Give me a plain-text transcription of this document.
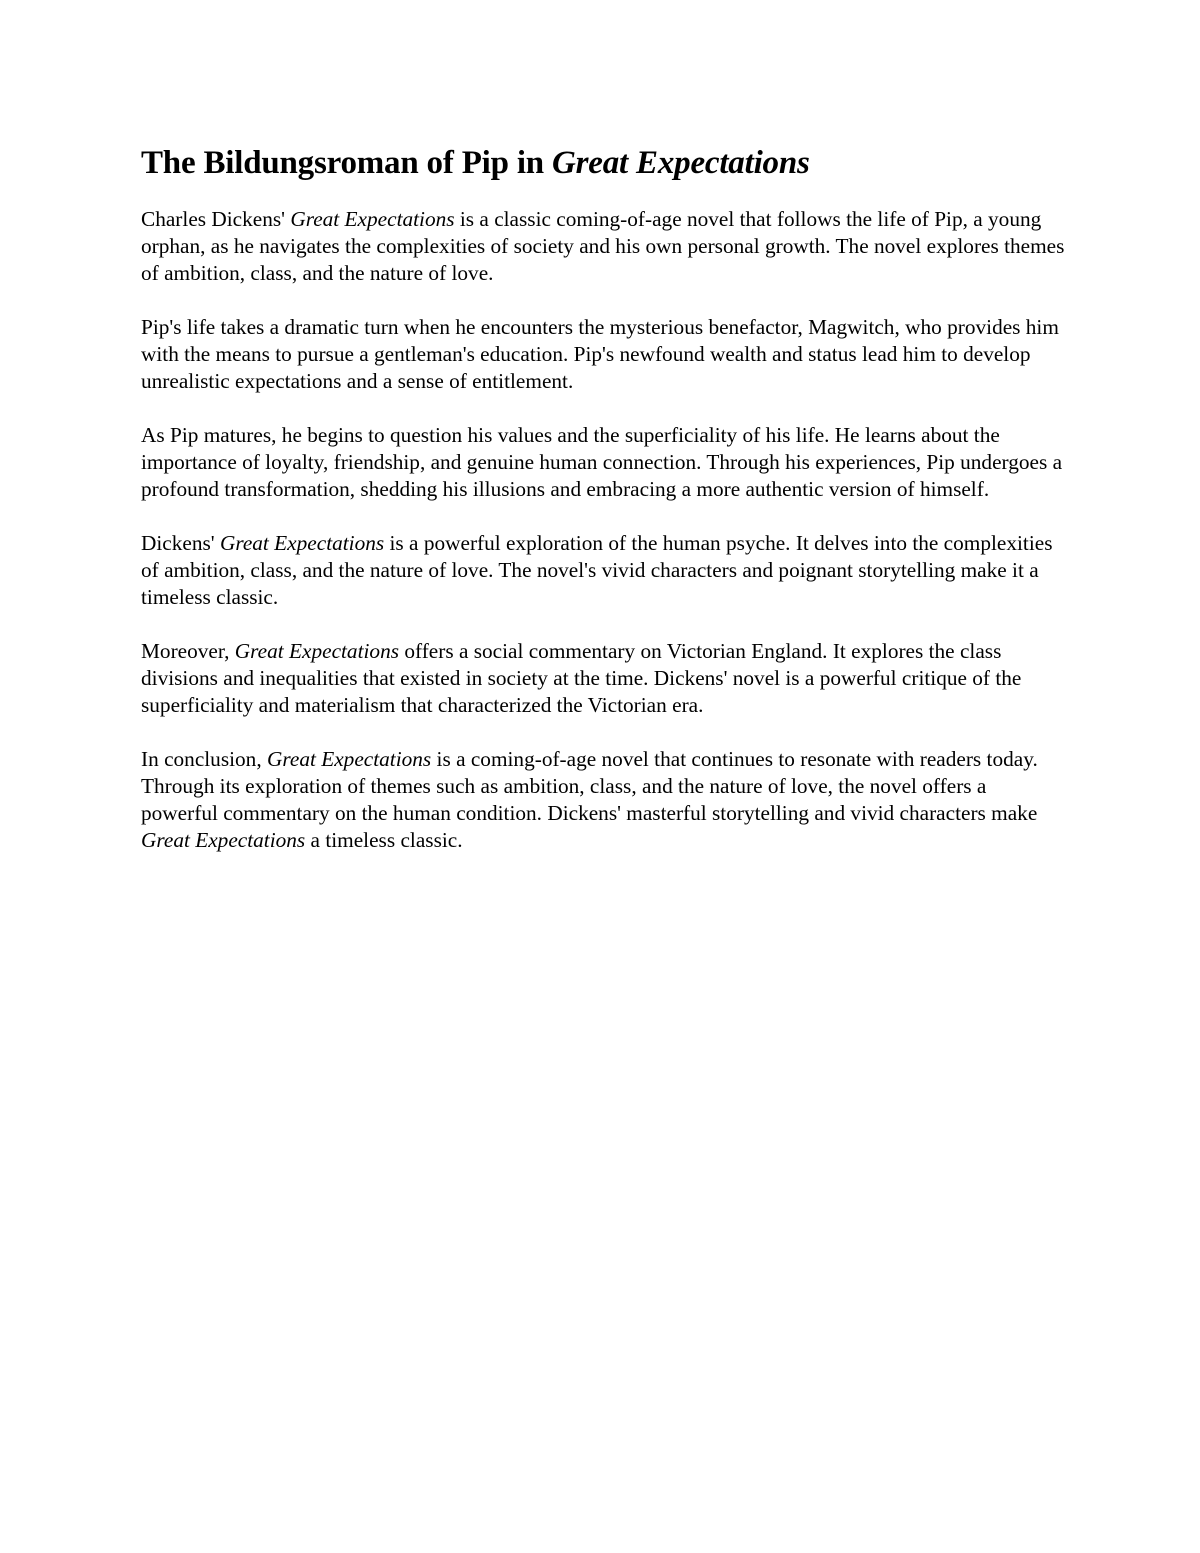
The Bildungsroman of Pip in Great Expectations

Charles Dickens' Great Expectations is a classic coming-of-age novel that follows the life of Pip, a young orphan, as he navigates the complexities of society and his own personal growth. The novel explores themes of ambition, class, and the nature of love.

Pip's life takes a dramatic turn when he encounters the mysterious benefactor, Magwitch, who provides him with the means to pursue a gentleman's education. Pip's newfound wealth and status lead him to develop unrealistic expectations and a sense of entitlement.

As Pip matures, he begins to question his values and the superficiality of his life. He learns about the importance of loyalty, friendship, and genuine human connection. Through his experiences, Pip undergoes a profound transformation, shedding his illusions and embracing a more authentic version of himself.

Dickens' Great Expectations is a powerful exploration of the human psyche. It delves into the complexities of ambition, class, and the nature of love. The novel's vivid characters and poignant storytelling make it a timeless classic.

Moreover, Great Expectations offers a social commentary on Victorian England. It explores the class divisions and inequalities that existed in society at the time. Dickens' novel is a powerful critique of the superficiality and materialism that characterized the Victorian era.

In conclusion, Great Expectations is a coming-of-age novel that continues to resonate with readers today. Through its exploration of themes such as ambition, class, and the nature of love, the novel offers a powerful commentary on the human condition. Dickens' masterful storytelling and vivid characters make Great Expectations a timeless classic.
